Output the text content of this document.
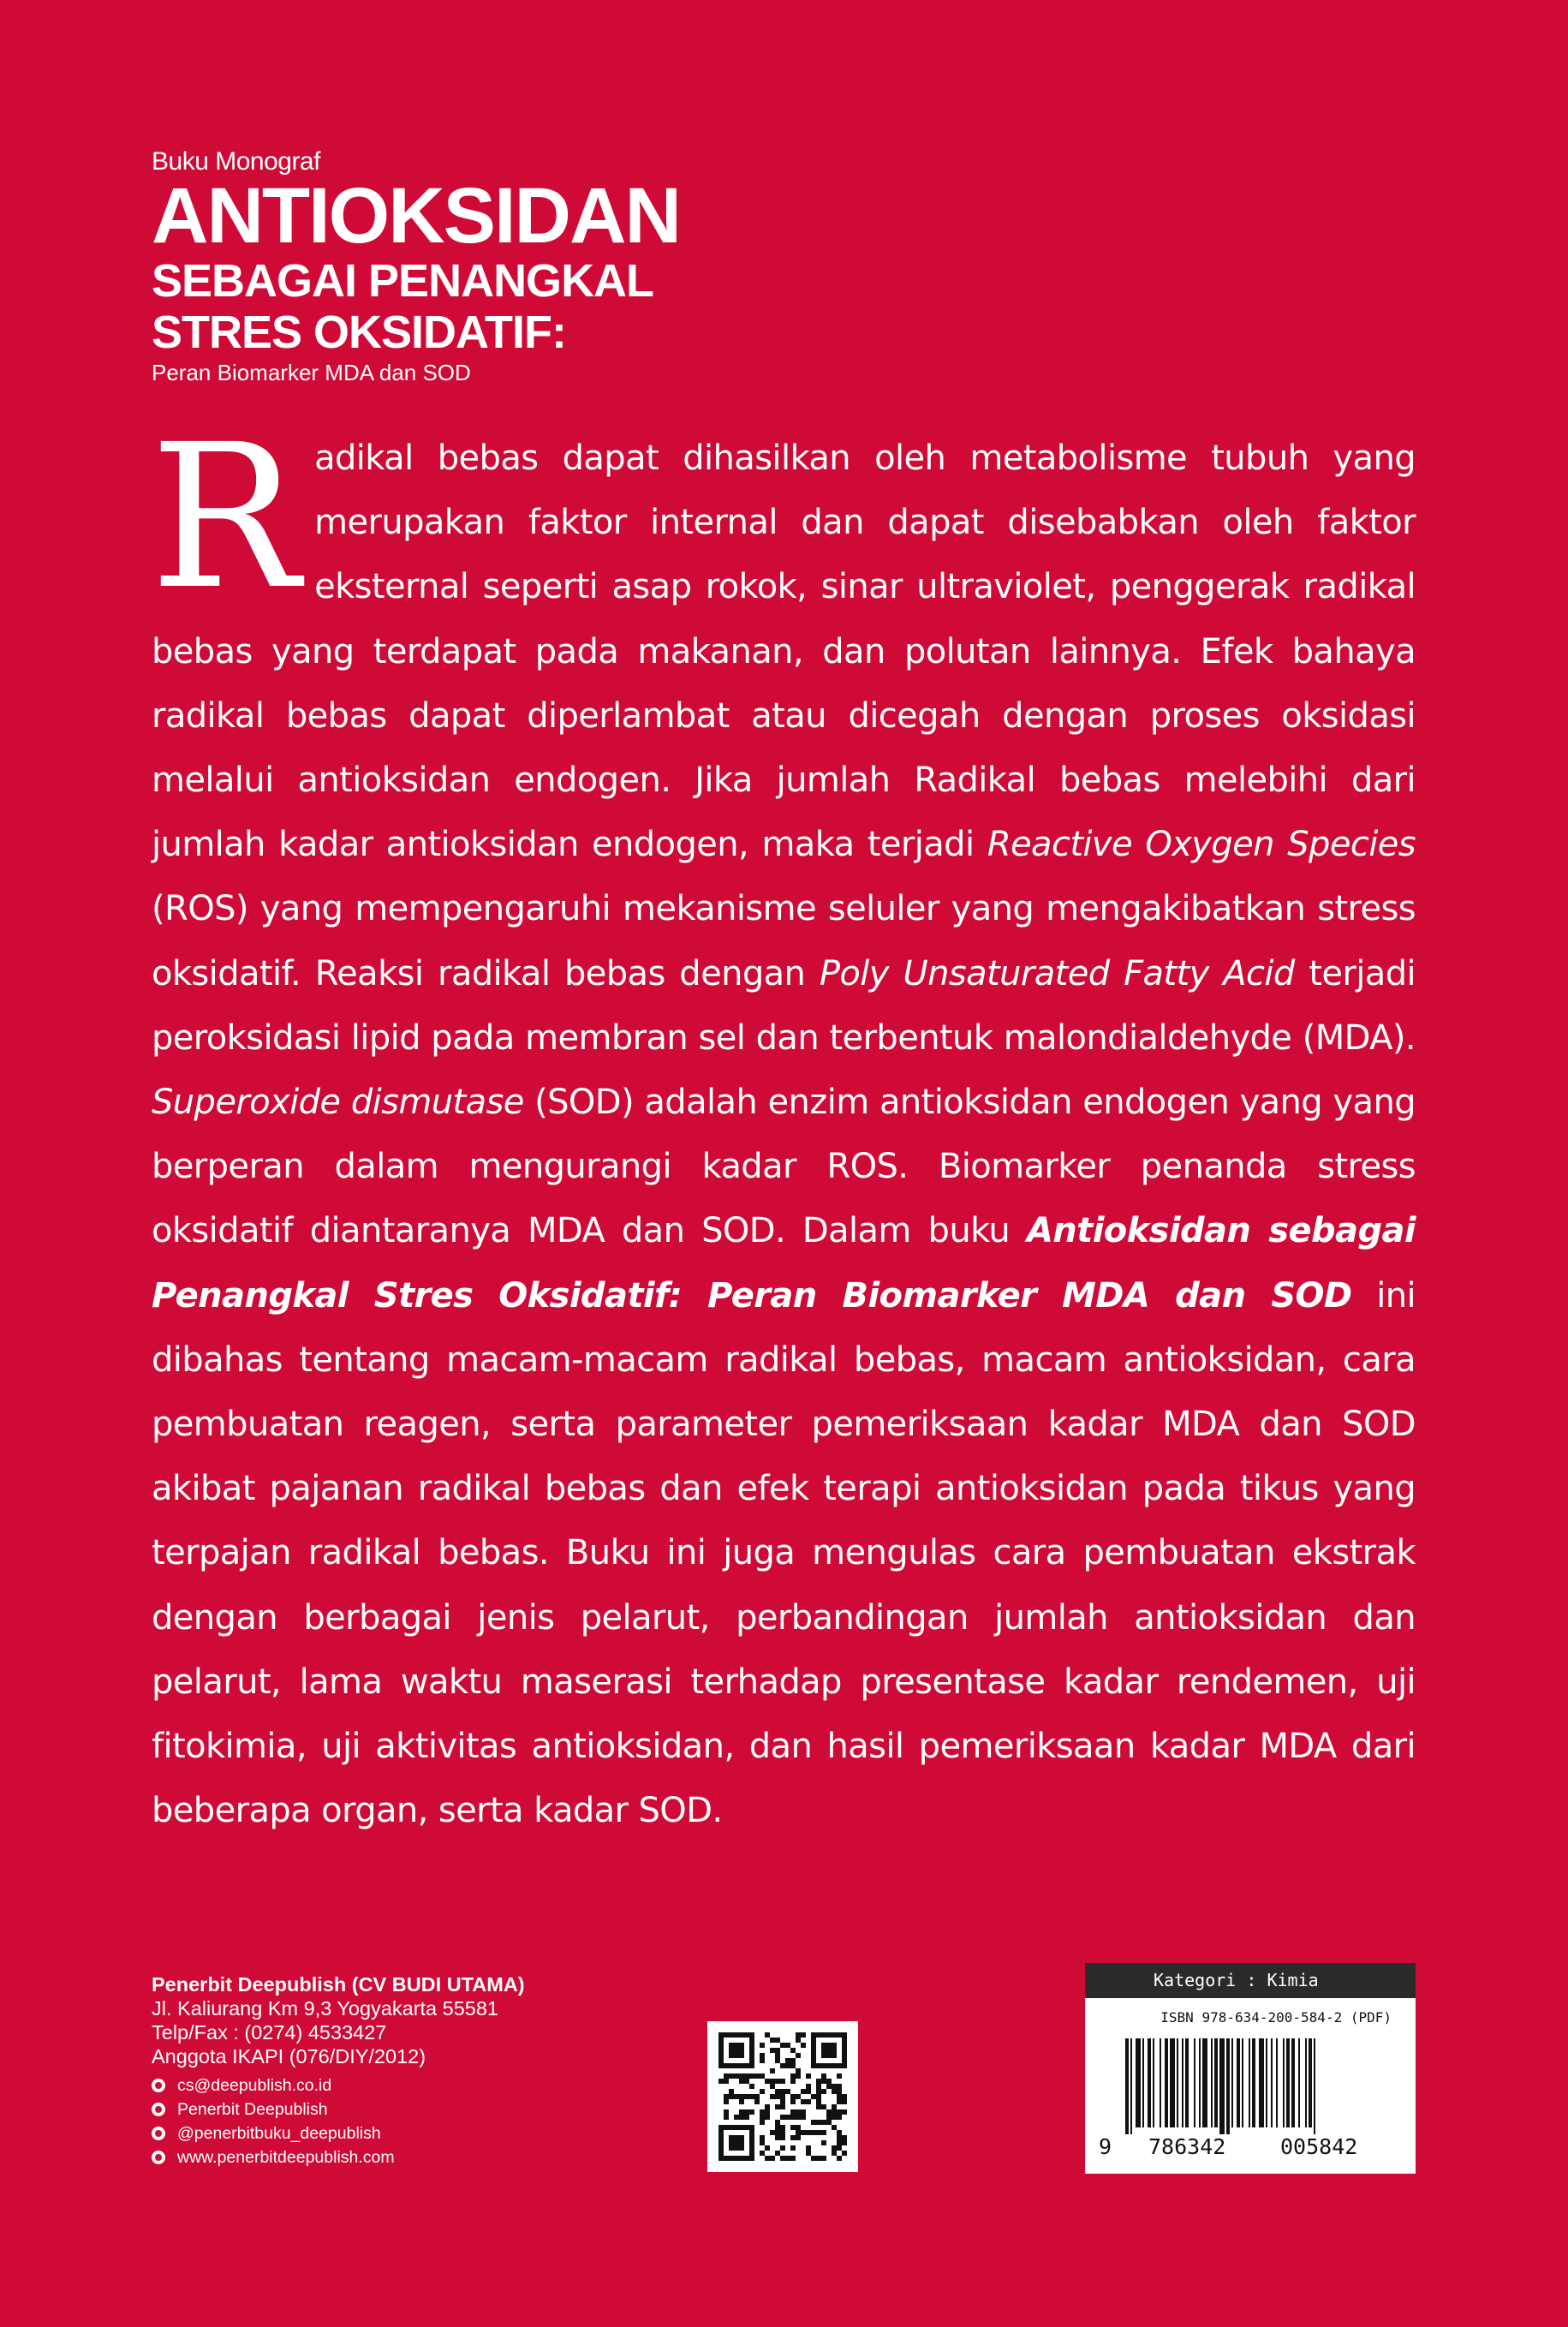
Buku Monograf
ANTIOKSIDAN
SEBAGAI PENANGKAL
STRES OKSIDATIF:
Peran Biomarker MDA dan SOD

Radikal bebas dapat dihasilkan oleh metabolisme tubuh yang merupakan faktor internal dan dapat disebabkan oleh faktor eksternal seperti asap rokok, sinar ultraviolet, penggerak radikal bebas yang terdapat pada makanan, dan polutan lainnya. Efek bahaya radikal bebas dapat diperlambat atau dicegah dengan proses oksidasi melalui antioksidan endogen. Jika jumlah Radikal bebas melebihi dari jumlah kadar antioksidan endogen, maka terjadi Reactive Oxygen Species (ROS) yang mempengaruhi mekanisme seluler yang mengakibatkan stress oksidatif. Reaksi radikal bebas dengan Poly Unsaturated Fatty Acid terjadi peroksidasi lipid pada membran sel dan terbentuk malondialdehyde (MDA). Superoxide dismutase (SOD) adalah enzim antioksidan endogen yang yang berperan dalam mengurangi kadar ROS. Biomarker penanda stress oksidatif diantaranya MDA dan SOD. Dalam buku Antioksidan sebagai Penangkal Stres Oksidatif: Peran Biomarker MDA dan SOD ini dibahas tentang macam-macam radikal bebas, macam antioksidan, cara pembuatan reagen, serta parameter pemeriksaan kadar MDA dan SOD akibat pajanan radikal bebas dan efek terapi antioksidan pada tikus yang terpajan radikal bebas. Buku ini juga mengulas cara pembuatan ekstrak dengan berbagai jenis pelarut, perbandingan jumlah antioksidan dan pelarut, lama waktu maserasi terhadap presentase kadar rendemen, uji fitokimia, uji aktivitas antioksidan, dan hasil pemeriksaan kadar MDA dari beberapa organ, serta kadar SOD.

Penerbit Deepublish (CV BUDI UTAMA)
Jl. Kaliurang Km 9,3 Yogyakarta 55581
Telp/Fax : (0274) 4533427
Anggota IKAPI (076/DIY/2012)
cs@deepublish.co.id
Penerbit Deepublish
@penerbitbuku_deepublish
www.penerbitdeepublish.com
Kategori : Kimia
ISBN 978-634-200-584-2 (PDF)
9 786342	005842
